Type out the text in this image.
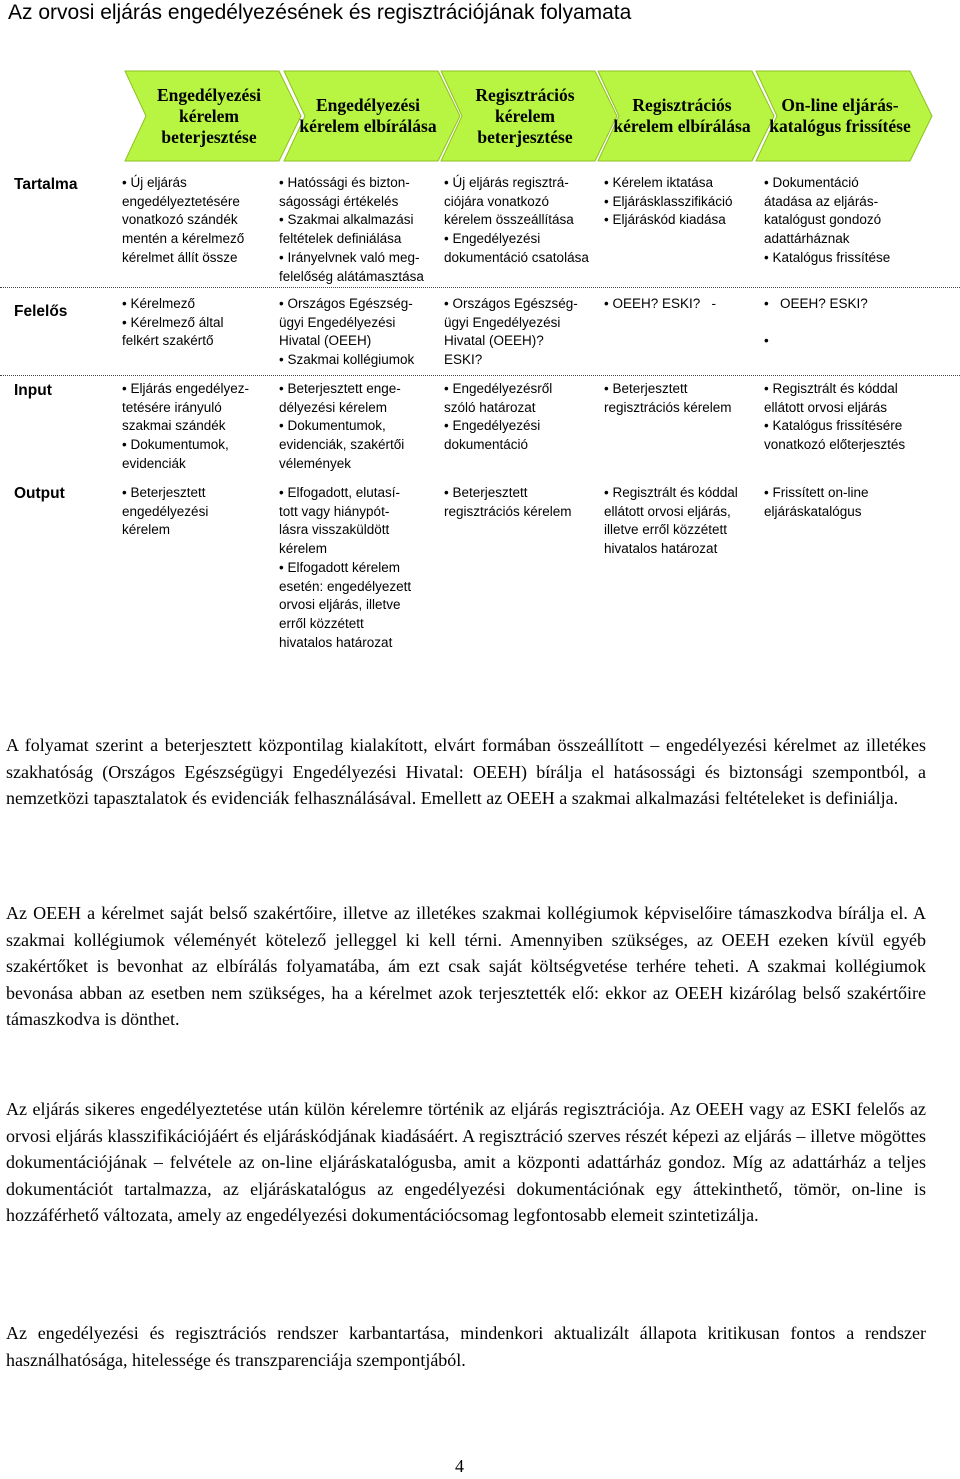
Az orvosi eljárás engedélyezésének és regisztrációjának folyamata
Engedélyezési kérelem beterjesztése
Engedélyezési kérelem elbírálása
Regisztrációs kérelem beterjesztése
Regisztrációs kérelem elbírálása
On-line eljárás-katalógus frissítése
Tartalma
Felelős
Input
Output
• Új eljárás
engedélyeztetésére
vonatkozó szándék
mentén a kérelmező
kérelmet állít össze
• Hatóssági és bizton-
ságossági értékelés
• Szakmai alkalmazási
feltételek definiálása
• Irányelvnek való meg-
felelőség alátámasztása
• Új eljárás regisztrá-
ciójára vonatkozó
kérelem összeállítása
• Engedélyezési
dokumentáció csatolása
• Kérelem iktatása
• Eljárásklasszifikáció
• Eljáráskód kiadása
• Dokumentáció
átadása az eljárás-
katalógust gondozó
adattárháznak
• Katalógus frissítése
• Kérelmező
• Kérelmező által
felkért szakértő
• Országos Egészség-
ügyi Engedélyezési
Hivatal (OEEH)
• Szakmai kollégiumok
• Országos Egészség-
ügyi Engedélyezési
Hivatal (OEEH)?
ESKI?
• OEEH? ESKI?   -	•   OEEH? ESKI?
•
• Eljárás engedélyez-
tetésére irányuló
szakmai szándék
• Dokumentumok,
evidenciák
• Beterjesztett enge-
délyezési kérelem
• Dokumentumok,
evidenciák, szakértői
vélemények
• Engedélyezésről
szóló határozat
• Engedélyezési
dokumentáció
• Beterjesztett
regisztrációs kérelem
• Regisztrált és kóddal
ellátott orvosi eljárás
• Katalógus frissítésére
vonatkozó előterjesztés
• Beterjesztett
engedélyezési
kérelem
• Elfogadott, elutasí-
tott vagy hiánypót-
lásra visszaküldött
kérelem
• Elfogadott kérelem
esetén: engedélyezett
orvosi eljárás, illetve
erről közzétett
hivatalos határozat
• Beterjesztett
regisztrációs kérelem
• Regisztrált és kóddal
ellátott orvosi eljárás,
illetve erről közzétett
hivatalos határozat
• Frissített on-line
eljáráskatalógus
A folyamat szerint a beterjesztett központilag kialakított, elvárt formában összeállított – engedélyezési kérelmet az illetékes szakhatóság (Országos Egészségügyi Engedélyezési Hivatal: OEEH) bírálja el hatásossági és biztonsági szempontból, a nemzetközi tapasztalatok és evidenciák felhasználásával. Emellett az OEEH a szakmai alkalmazási feltételeket is definiálja.
Az OEEH a kérelmet saját belső szakértőire, illetve az illetékes szakmai kollégiumok képviselőire támaszkodva bírálja el. A szakmai kollégiumok véleményét kötelező jelleggel ki kell térni. Amennyiben szükséges, az OEEH ezeken kívül egyéb szakértőket is bevonhat az elbírálás folyamatába, ám ezt csak saját költségvetése terhére teheti. A szakmai kollégiumok bevonása abban az esetben nem szükséges, ha a kérelmet azok terjesztették elő: ekkor az OEEH kizárólag belső szakértőire támaszkodva is dönthet.
Az eljárás sikeres engedélyeztetése után külön kérelemre történik az eljárás regisztrációja. Az OEEH vagy az ESKI felelős az orvosi eljárás klasszifikációjáért és eljáráskódjának kiadásáért. A regisztráció szerves részét képezi az eljárás – illetve mögöttes dokumentációjának – felvétele az on-line eljáráskatalógusba, amit a központi adattárház gondoz. Míg az adattárház a teljes dokumentációt tartalmazza, az eljáráskatalógus az engedélyezési dokumentációnak egy áttekinthető, tömör, on-line is hozzáférhető változata, amely az engedélyezési dokumentációcsomag legfontosabb elemeit szintetizálja.
Az engedélyezési és regisztrációs rendszer karbantartása, mindenkori aktualizált állapota kritikusan fontos a rendszer használhatósága, hitelessége és transzparenciája szempontjából.
4
